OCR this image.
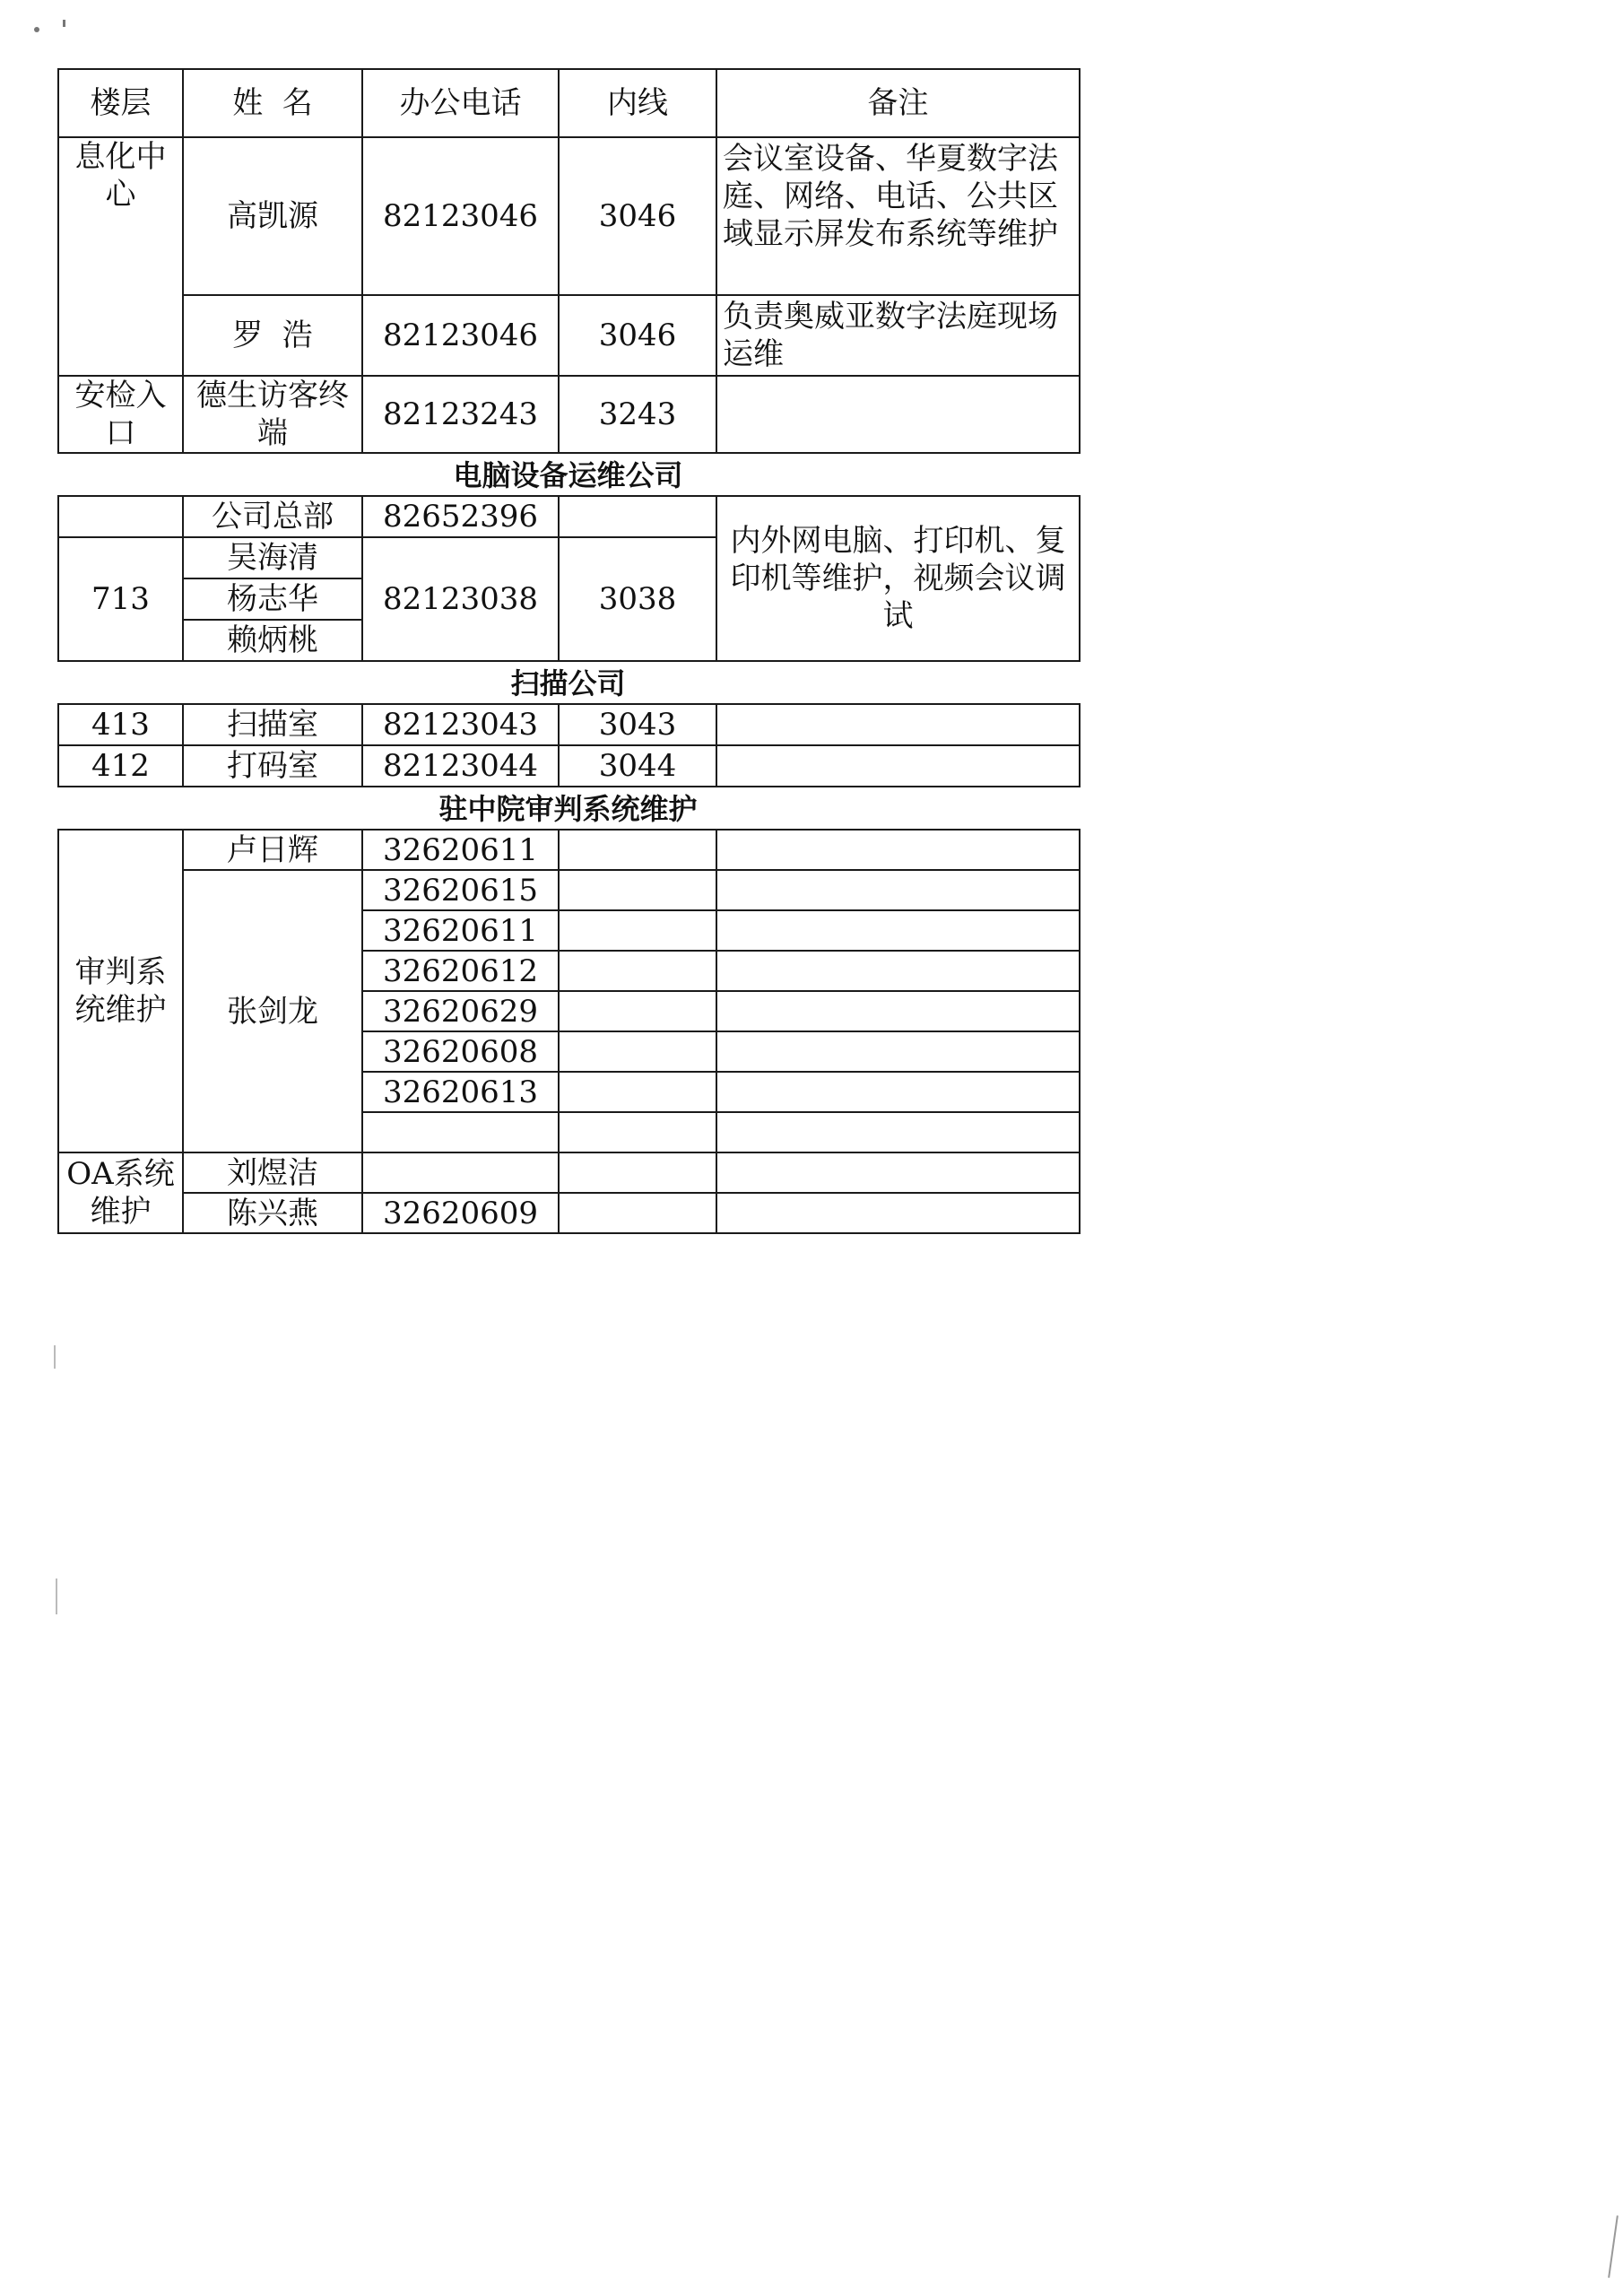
楼层	姓  名	办公电话	内线	备注
息化中心	高凯源	82123046	3046	会议室设备、华夏数字法庭、网络、电话、公共区域显示屏发布系统等维护
	罗  浩	82123046	3046	负责奥威亚数字法庭现场运维
安检入口	德生访客终端	82123243	3243	
电脑设备运维公司
	公司总部	82652396		内外网电脑、打印机、复印机等维护，视频会议调试
713	吴海清	82123038	3038	
	杨志华			
	赖炳桃			
扫描公司
413	扫描室	82123043	3043	
412	打码室	82123044	3044	
驻中院审判系统维护
审判系统维护	卢日辉	32620611		
	张剑龙	32620615		
		32620611		
		32620612		
		32620629		
		32620608		
		32620613		

OA系统维护	刘煜洁			
	陈兴燕	32620609		
